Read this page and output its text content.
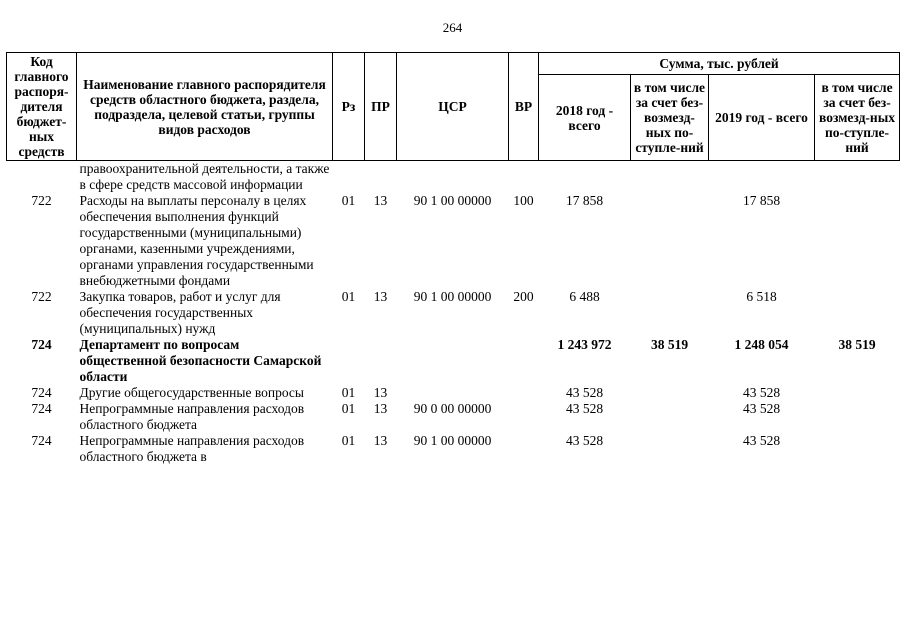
264
Код главного распоря-дителя бюджет-ных средств	Наименование главного распорядителя средств областного бюджета, раздела, подраздела, целевой статьи, группы видов расходов	Рз	ПР	ЦСР	ВР	Сумма, тыс. рублей			
						2018 год - всего	в том числе за счет без-возмезд-ных по-ступле-ний	2019 год - всего	в том числе за счет без-возмезд-ных по-ступле-ний
	правоохранительной деятельности, а также в сфере средств массовой информации								
722	Расходы на выплаты персоналу в целях обеспечения выполнения функций государственными (муниципальными) органами, казенными учреждениями, органами управления государственными внебюджетными фондами	01	13	90 1 00 00000	100	17 858		17 858	
722	Закупка товаров, работ и услуг для обеспечения государственных (муниципальных) нужд	01	13	90 1 00 00000	200	6 488		6 518	
724	Департамент по вопросам общественной безопасности Самарской области					1 243 972	38 519	1 248 054	38 519
724	Другие общегосударственные вопросы	01	13			43 528		43 528	
724	Непрограммные направления расходов областного бюджета	01	13	90 0 00 00000		43 528		43 528	
724	Непрограммные направления расходов областного бюджета в	01	13	90 1 00 00000		43 528		43 528	
